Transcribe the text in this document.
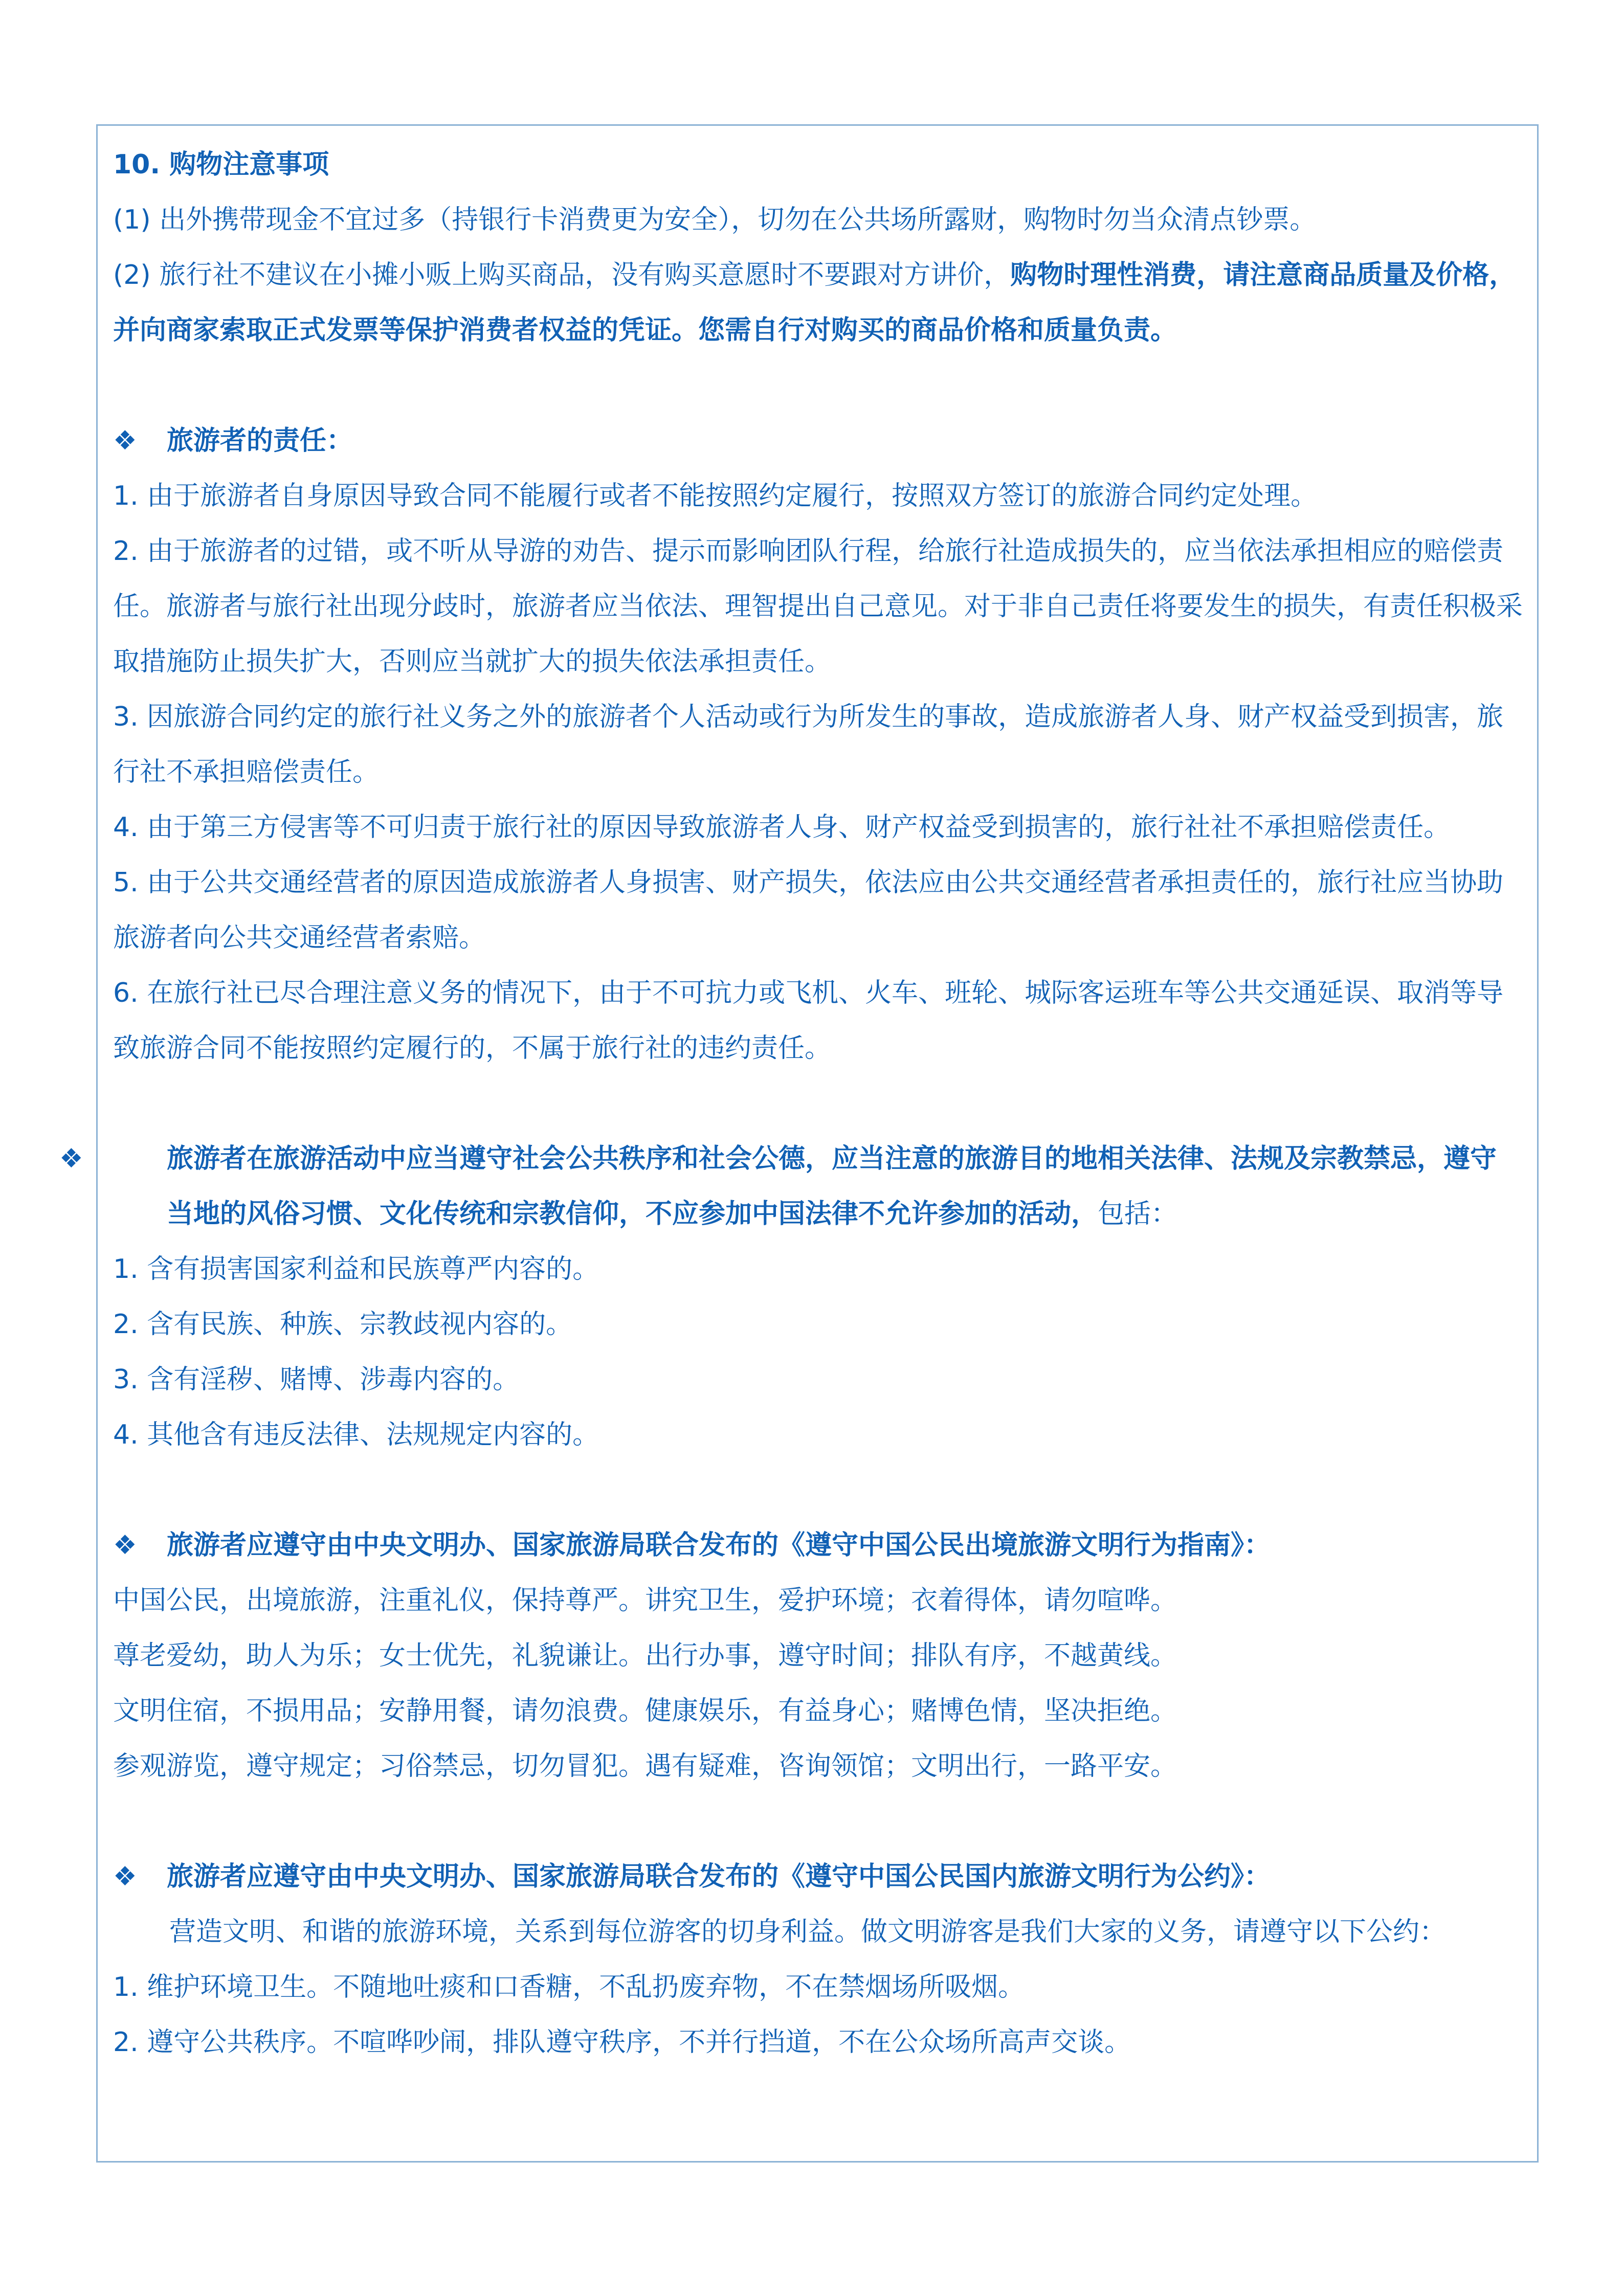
10. 购物注意事项

(1) 出外携带现金不宜过多（持银行卡消费更为安全），切勿在公共场所露财，购物时勿当众清点钞票。

(2) 旅行社不建议在小摊小贩上购买商品，没有购买意愿时不要跟对方讲价，购物时理性消费，请注意商品质量及价格，并向商家索取正式发票等保护消费者权益的凭证。您需自行对购买的商品价格和质量负责。

❖ 旅游者的责任：

1. 由于旅游者自身原因导致合同不能履行或者不能按照约定履行，按照双方签订的旅游合同约定处理。

2. 由于旅游者的过错，或不听从导游的劝告、提示而影响团队行程，给旅行社造成损失的，应当依法承担相应的赔偿责任。旅游者与旅行社出现分歧时，旅游者应当依法、理智提出自己意见。对于非自己责任将要发生的损失，有责任积极采取措施防止损失扩大，否则应当就扩大的损失依法承担责任。

3. 因旅游合同约定的旅行社义务之外的旅游者个人活动或行为所发生的事故，造成旅游者人身、财产权益受到损害，旅行社不承担赔偿责任。

4. 由于第三方侵害等不可归责于旅行社的原因导致旅游者人身、财产权益受到损害的，旅行社社不承担赔偿责任。

5. 由于公共交通经营者的原因造成旅游者人身损害、财产损失，依法应由公共交通经营者承担责任的，旅行社应当协助旅游者向公共交通经营者索赔。

6. 在旅行社已尽合理注意义务的情况下，由于不可抗力或飞机、火车、班轮、城际客运班车等公共交通延误、取消等导致旅游合同不能按照约定履行的，不属于旅行社的违约责任。

❖	旅游者在旅游活动中应当遵守社会公共秩序和社会公德，应当注意的旅游目的地相关法律、法规及宗教禁忌，遵守当地的风俗习惯、文化传统和宗教信仰，不应参加中国法律不允许参加的活动，包括：

1. 含有损害国家利益和民族尊严内容的。

2. 含有民族、种族、宗教歧视内容的。

3. 含有淫秽、赌博、涉毒内容的。

4. 其他含有违反法律、法规规定内容的。

❖ 旅游者应遵守由中央文明办、国家旅游局联合发布的《遵守中国公民出境旅游文明行为指南》：

中国公民，出境旅游，注重礼仪，保持尊严。讲究卫生，爱护环境；衣着得体，请勿喧哗。

尊老爱幼，助人为乐；女士优先，礼貌谦让。出行办事，遵守时间；排队有序，不越黄线。

文明住宿，不损用品；安静用餐，请勿浪费。健康娱乐，有益身心；赌博色情，坚决拒绝。

参观游览，遵守规定；习俗禁忌，切勿冒犯。遇有疑难，咨询领馆；文明出行，一路平安。

❖ 旅游者应遵守由中央文明办、国家旅游局联合发布的《遵守中国公民国内旅游文明行为公约》：

营造文明、和谐的旅游环境，关系到每位游客的切身利益。做文明游客是我们大家的义务，请遵守以下公约：

1. 维护环境卫生。不随地吐痰和口香糖，不乱扔废弃物，不在禁烟场所吸烟。

2. 遵守公共秩序。不喧哗吵闹，排队遵守秩序，不并行挡道，不在公众场所高声交谈。
